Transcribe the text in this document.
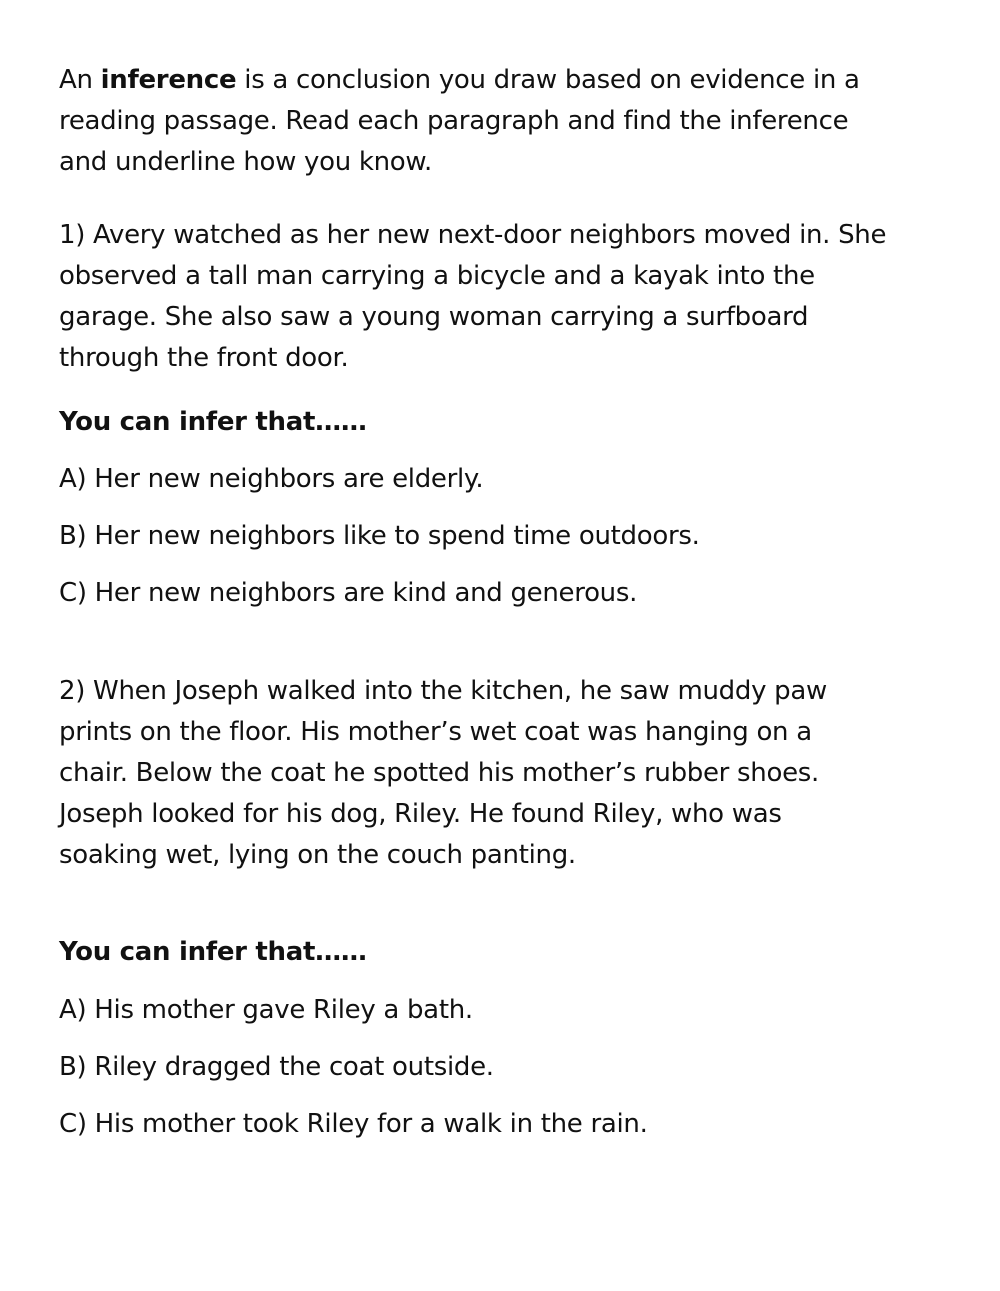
An inference is a conclusion you draw based on evidence in a
reading passage. Read each paragraph and find the inference
and underline how you know.
1) Avery watched as her new next-door neighbors moved in. She
observed a tall man carrying a bicycle and a kayak into the
garage. She also saw a young woman carrying a surfboard
through the front door.
You can infer that……
A) Her new neighbors are elderly.
B) Her new neighbors like to spend time outdoors.
C) Her new neighbors are kind and generous.
2) When Joseph walked into the kitchen, he saw muddy paw
prints on the floor. His mother’s wet coat was hanging on a
chair. Below the coat he spotted his mother’s rubber shoes.
Joseph looked for his dog, Riley. He found Riley, who was
soaking wet, lying on the couch panting.
You can infer that……
A) His mother gave Riley a bath.
B) Riley dragged the coat outside.
C) His mother took Riley for a walk in the rain.
